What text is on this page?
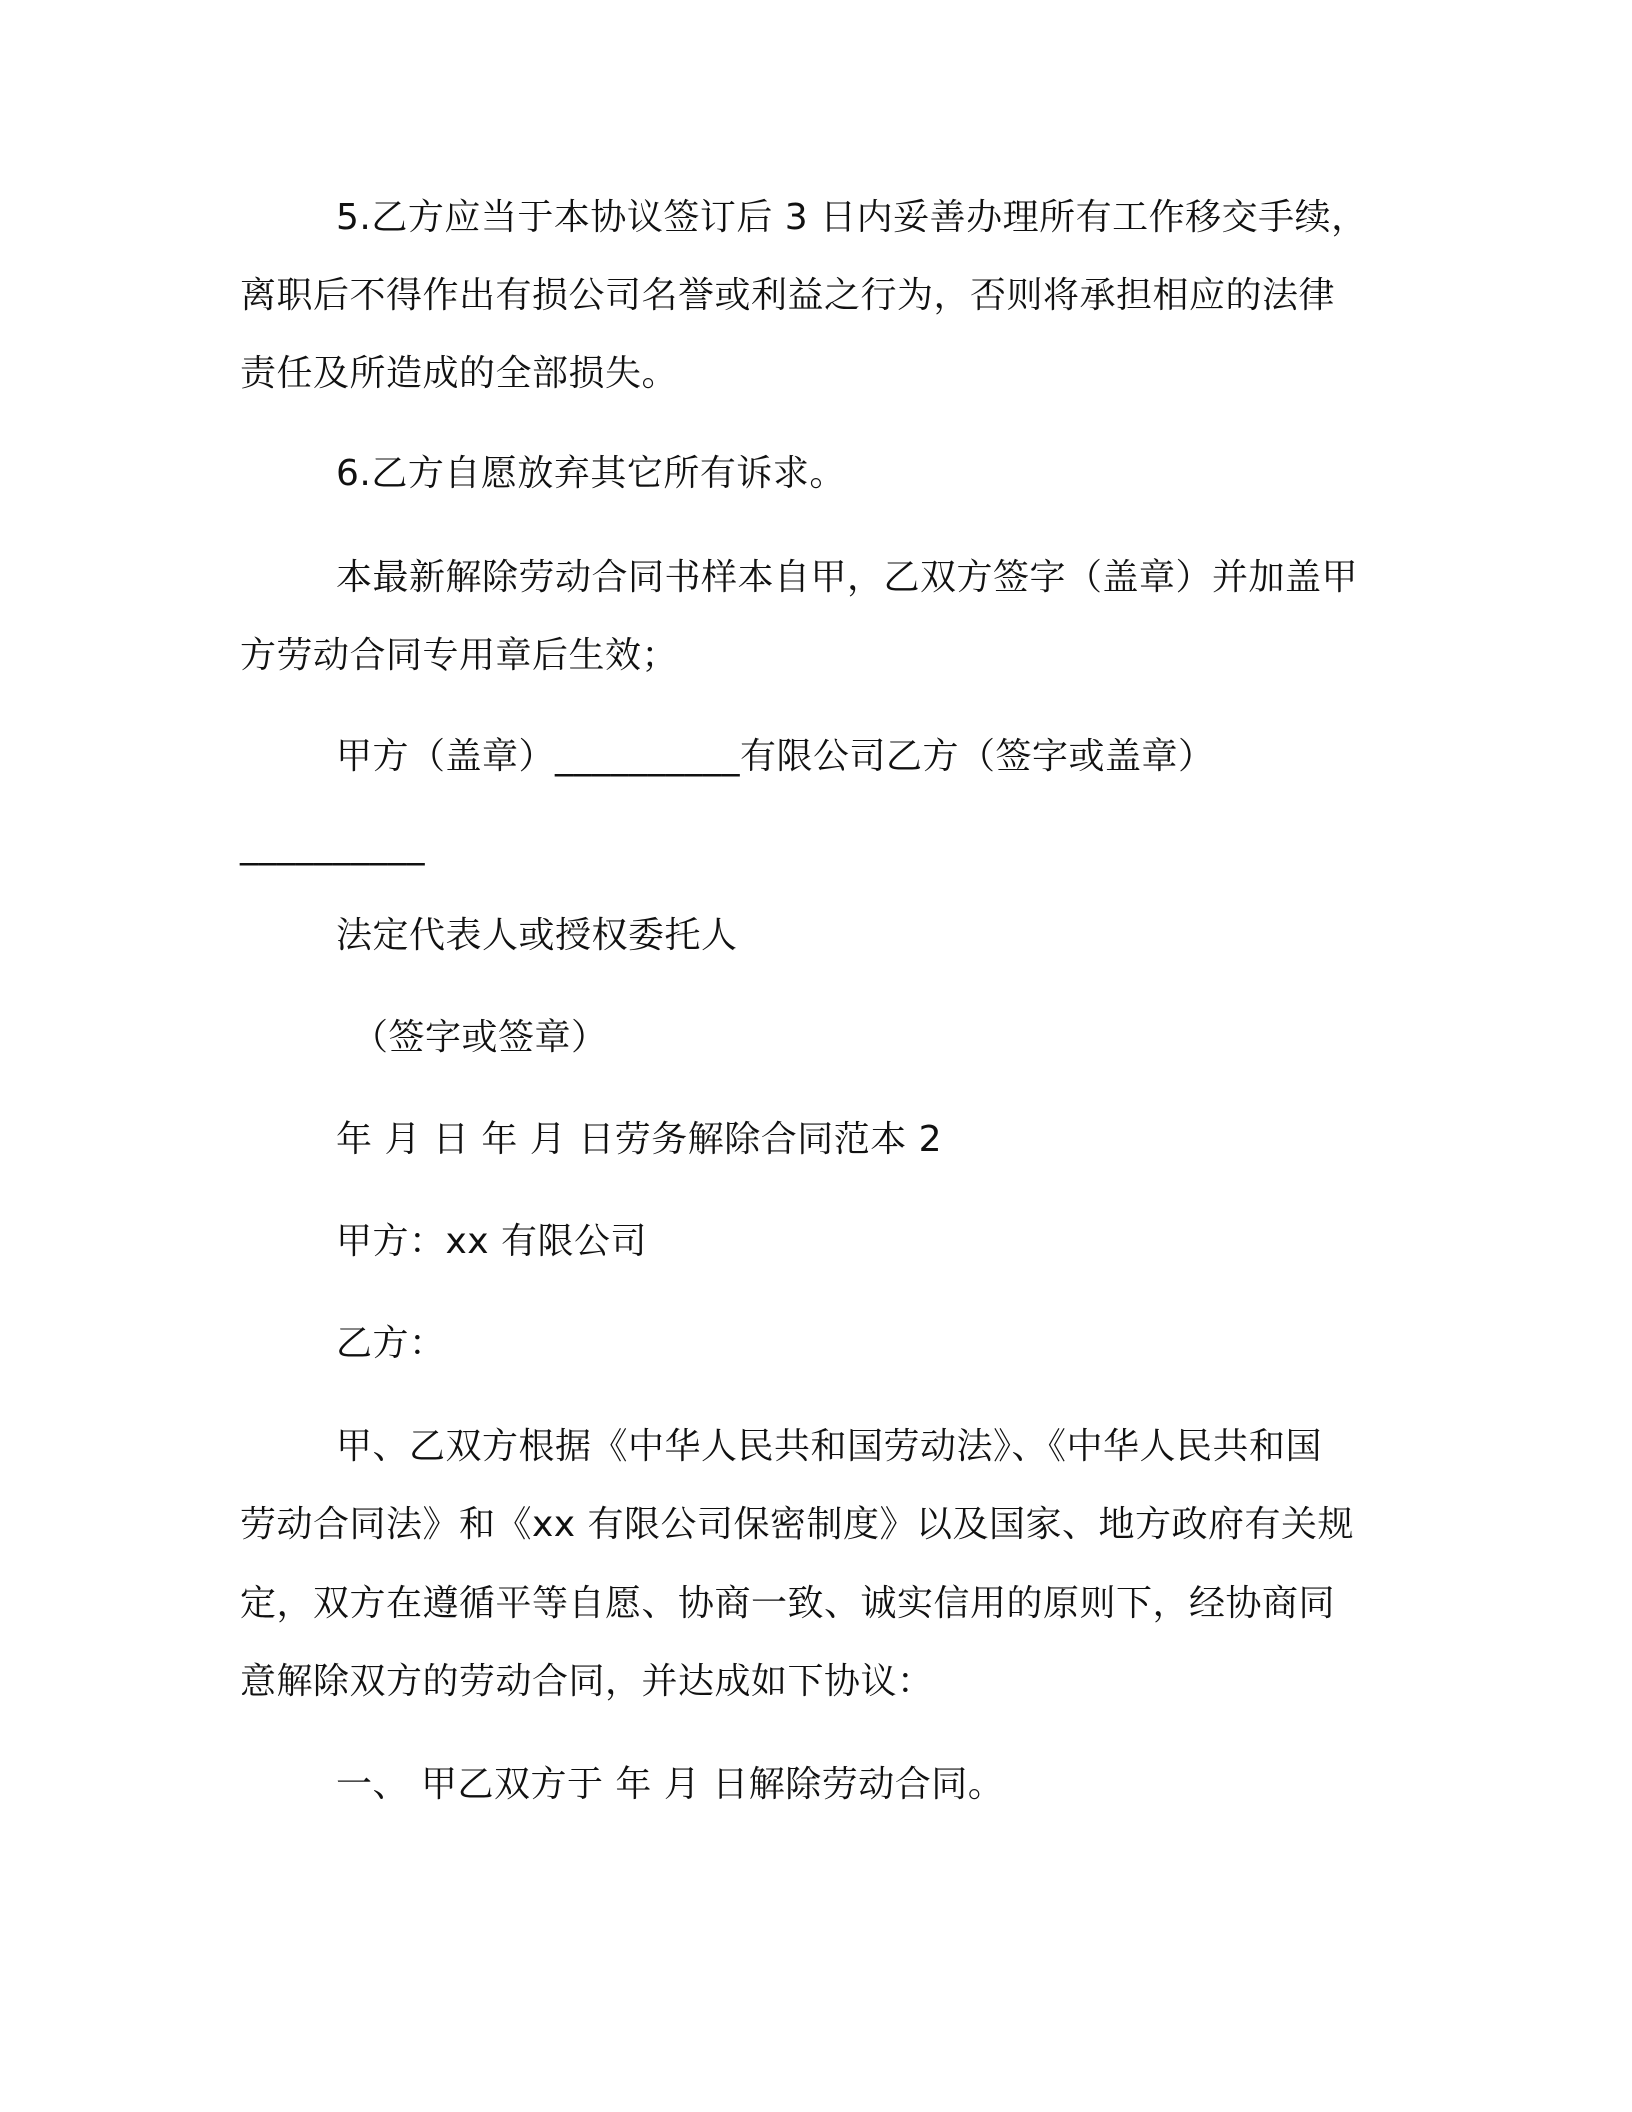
5.乙方应当于本协议签订后 3 日内妥善办理所有工作移交手续，
离职后不得作出有损公司名誉或利益之行为，否则将承担相应的法律
责任及所造成的全部损失。
6.乙方自愿放弃其它所有诉求。
本最新解除劳动合同书样本自甲，乙双方签字（盖章）并加盖甲
方劳动合同专用章后生效；
甲方（盖章）__________有限公司乙方（签字或盖章）
__________
法定代表人或授权委托人
（签字或签章）
年 月 日 年 月 日劳务解除合同范本 2
甲方：xx 有限公司
乙方：
甲、乙双方根据《中华人民共和国劳动法》、《中华人民共和国
劳动合同法》和《xx 有限公司保密制度》以及国家、地方政府有关规
定，双方在遵循平等自愿、协商一致、诚实信用的原则下，经协商同
意解除双方的劳动合同，并达成如下协议：
一、 甲乙双方于 年 月 日解除劳动合同。
